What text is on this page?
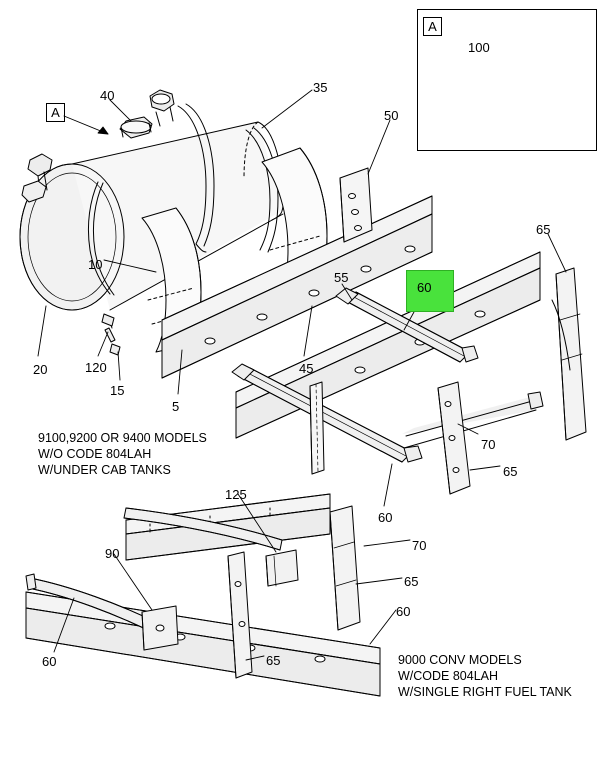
60
A
A
100
40
35
50
65
10
55
20	120
15
5
45
70
65
60
125
70
90
65
60
65
60
9100,9200 OR 9400 MODELS
W/O CODE 804LAH
W/UNDER CAB TANKS
9000 CONV MODELS
W/CODE 804LAH
W/SINGLE RIGHT FUEL TANK
